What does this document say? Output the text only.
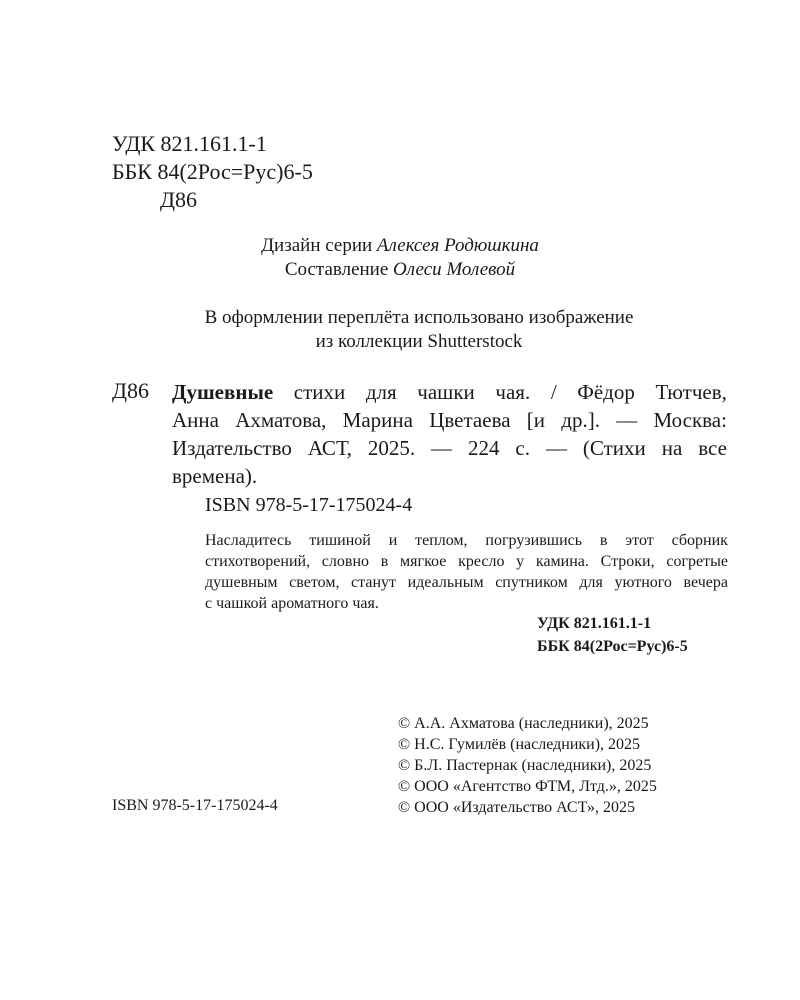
УДК 821.161.1-1
ББК 84(2Рос=Рус)6-5
Д86
Дизайн серии Алексея Родюшкина
Составление Олеси Молевой
В оформлении переплёта использовано изображение
из коллекции Shutterstock
Д86 Душевные стихи для чашки чая. / Фёдор Тютчев,
Анна Ахматова, Марина Цветаева [и др.]. — Москва:
Издательство АСТ, 2025. — 224 с. — (Стихи на все
времена).
ISBN 978-5-17-175024-4
Насладитесь тишиной и теплом, погрузившись в этот сборник
стихотворений, словно в мягкое кресло у камина. Строки, согретые
душевным светом, станут идеальным спутником для уютного вечера
с чашкой ароматного чая.
УДК 821.161.1-1
ББК 84(2Рос=Рус)6-5
© А.А. Ахматова (наследники), 2025
© Н.С. Гумилёв (наследники), 2025
© Б.Л. Пастернак (наследники), 2025
© ООО «Агентство ФТМ, Лтд.», 2025
© ООО «Издательство АСТ», 2025
ISBN 978-5-17-175024-4
